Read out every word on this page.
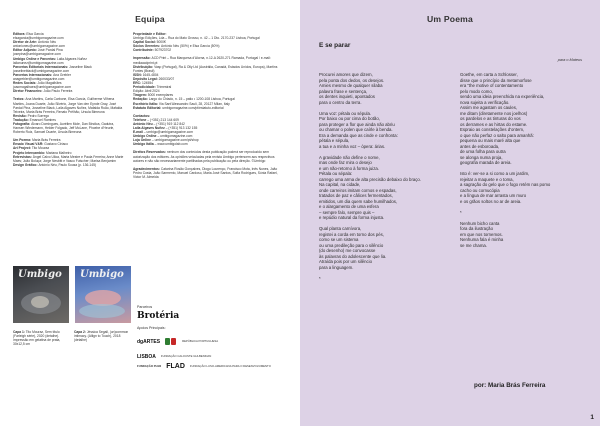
Equipa

Editora: Elsa García

elsagarcia@umbigomagazine.com

Diretor de Arte: António Néu

antonioneu@umbigomagazine.com

Editor Adjunto: José Pardal Pina

josepina@umbigomagazine.com

Umbigo Online e Parcerias: Laila Algaves Nuñez

lailanunez@umbigomagazine.com

Parcerias Editoriais Internacionais: Josseline Black

josselineblack@umbigomagazine.com

Parcerias Internacionais: Ana Grebler

anagrebler@umbigomagazine.com

Redes Sociais: João Magalhães

joaomagalhaes@umbigomagazine.com

Diretor Financeiro: João Paulo Ferreira

Textos: Ana Martins, Carla Carbone, Elsa García, Guilherme Vilhena Martins, Joana Duarte, João Silvério, Jorge Van den Eynde Gray, José Pardal Pina, Josseline Black, Laila Algaves Nuñez, Mafalda Ruão, Mafalda Teixeira, Maria Brás Ferreira, Renato Prêlhão, Ursula Bimeuna

Revisão: Pedro Sorrego

Tradução: Emanuel Ramires

Fotografia: Álvaro Domingues, Aurélien Mole, Dan Bindica, Gadutra, Hansen Wiedemann, Helder Folgado, Jeff McLane, Phoebe d'Heurle, Roberto Ruiz, Samuel Duarte, Ursula Bimeuna

Um Poema: Maria Brás Ferreira

Ensaio Visual V&R: Gustavo Ciríaco

Art Project: Tito Mouraz

Projeto Intercambio: Mariana Malheiro

Entrevistas: Ângel Calvo Ulloa, Marta Mestre e Paula Ferreira; Anne Marie Maes; João Boluça; Jorge Nesbitt e Vasco Futscher; Marisa Benjamim

Design Gráfico: António Néu, Paulo Sousa (p. 136-145)

Propriedade e Editor:

Umbigo Edições, Lda – Rua do Mato Grosso, n. 42 – 1 Dto. 2170-237 Lisboa, Portugal

Capital Social: 5000€

Sócios Gerentes: António Néu (50%) e Elsa García (50%)

Contribuinte: 507923702

Impressão: ACD Print – Rua Marquesa d'Alorna, n.12-A 2620-271 Ramada, Portugal / e-mail: mediaacdprint.pt

Distribuição: Vasp (Portugal), Ra & Olly Ltd (Austrália, Canadá, Estados Unidos, Europa), Martins Fontes (Brasil)

ISSN: 1645-4804

Depósito Legal: 260033/07

ERC: 124554

Periodicidade: Trimestral

Edição: Abril 2024

Tiragem: 5000 exemplares

Redação: Largo do Chiado, n. 15 – patio • 1200-108 Lisboa, Portugal

Escritório Itália: Via Sant'Alessandro Sauli, 28, 20127 Milan, Italy

Estatuto Editorial: umbigomagazine.com/pt/estatuto-editorial

Contactos:

Telefone – (+351) 213 144 609

António Néu – (+351) 919 112 842

Laila Algaves Nuñez – (+351) 913 132 155

E-mail – umbigo@umbigomagazine.com

Umbigo Online – umbigomagazine.com

Loja Online – umbigomagazine.com/pt/shop

Umbigo Itália – www.umbigolab.com

Direitos Reservados: nenhum dos conteúdos desta publicação poderá ser reproduzido sem autorização dos editores. As opiniões veiculadas pela revista Umbigo pertencem aos respectivos autores e não são necessariamente partilhadas pela publicação ou pela direção. ©Umbigo

Agradecimentos: Catarina Rosão Gonçalves, Diogo Lourenço, Francisco Mota, Inês Nunes, João Pedro Costa, João Sarmento, Manuel Cardoso, Maria José Santos, Sofia Rodrigues, Sónia Rafael, Victor M. Almeida

Umbigo Umbigo
Capa 1: Tito Mouraz, Sem título (Farleigh série), 2020 (detalhe). Impressão em gelatina de prata, 30x12,5 cm
Capa 2: Jéssica Segall, (un)common intimacy. (Allign to Touch), 2018 (detalhe)
Parceiros
Brotéria
Apoios Principais:
dgARTES	REPÚBLICA PORTUGUESA
LISBOA FUNDAÇÃO CALOUSTE GULBENKIAN
FUNDAÇÃO PLMJ FLAD FUNDAÇÃO LUSO-AMERICANA PARA O DESENVOLVIMENTO
Um Poema
E se parar
para o Mateus

Procurei amores que dizem,

pela ponta dos dedos, os desejos.

Amies mesmo de qualquer silaba

palavra frase e sentença,

os dentes inquieti, apontados

para o centro da terra.

Uma voz: pétala ou sépula.

Por baixo ou por cima do botão,

para proteger a flor que ainda não abriu

ou chamar o polen que caírle à benda.

Era a demanda que as cinde e confronta:

pétala e sépula,

a tua e a minha voz – ópera: árias.

A gravidade não define o nome,

mas onde faz mira o desejo

e um não-retorno à forma juiza.

Pétala ou sépala:

carrego uma arma de alta precisão debaixo do braço.

Na capital, na cidade,

onde carreiros imitam cornos e espadas,

tratados de paz e câlices fermentados,

emitidos, um dia quem sabe humilhados,

e o alargamento de uma esfera

– sempre falo, sempre quis –

e repúdio natural da forma injusta.

Qual planta carnívora,

registei a corda em torno dos pés,

como se um sistema

ou uma predileção para o silêncio

(do desenho) me convocasse

às palavras do adolescente que lia.

Atraída pois por um silêncio

para a linguagem.

*

Goethe, em carta a Schlosser,

disse que o princípio da metamorfose

era "the motive of contentamento

pelo modo como,

sendo uma ideia preenchida na experiência,

nova sujeita a verificação.

Assim me agastam os caules,

me ditam (diretamente nos joelhos)

os pardelos e as tinturas do vos

os derrames e as hirtas do estame.

Espraio as constelações d'ontem,

o que não perfaz o salto para amanhã:

pequena ou mais maré alta que

antes de esboroada,

de uma folha para outra

se alonga numa proja,

geografia marada de areia.

Isto é: ver-se a si como a um jardim,

rejeitar a maquete e o toma,

a sagração do gelo que o fogo retém nas pomo

cacho ou cornucópia

e a língua de mar arrasta um muro

e os grãos soltos no ar de areia.

*

Nenhum bicho canta

fora da ilustração

em que nos tornemos.

Nenhuma fala é minha

se me chama.

por: Maria Brás Ferreira
1
